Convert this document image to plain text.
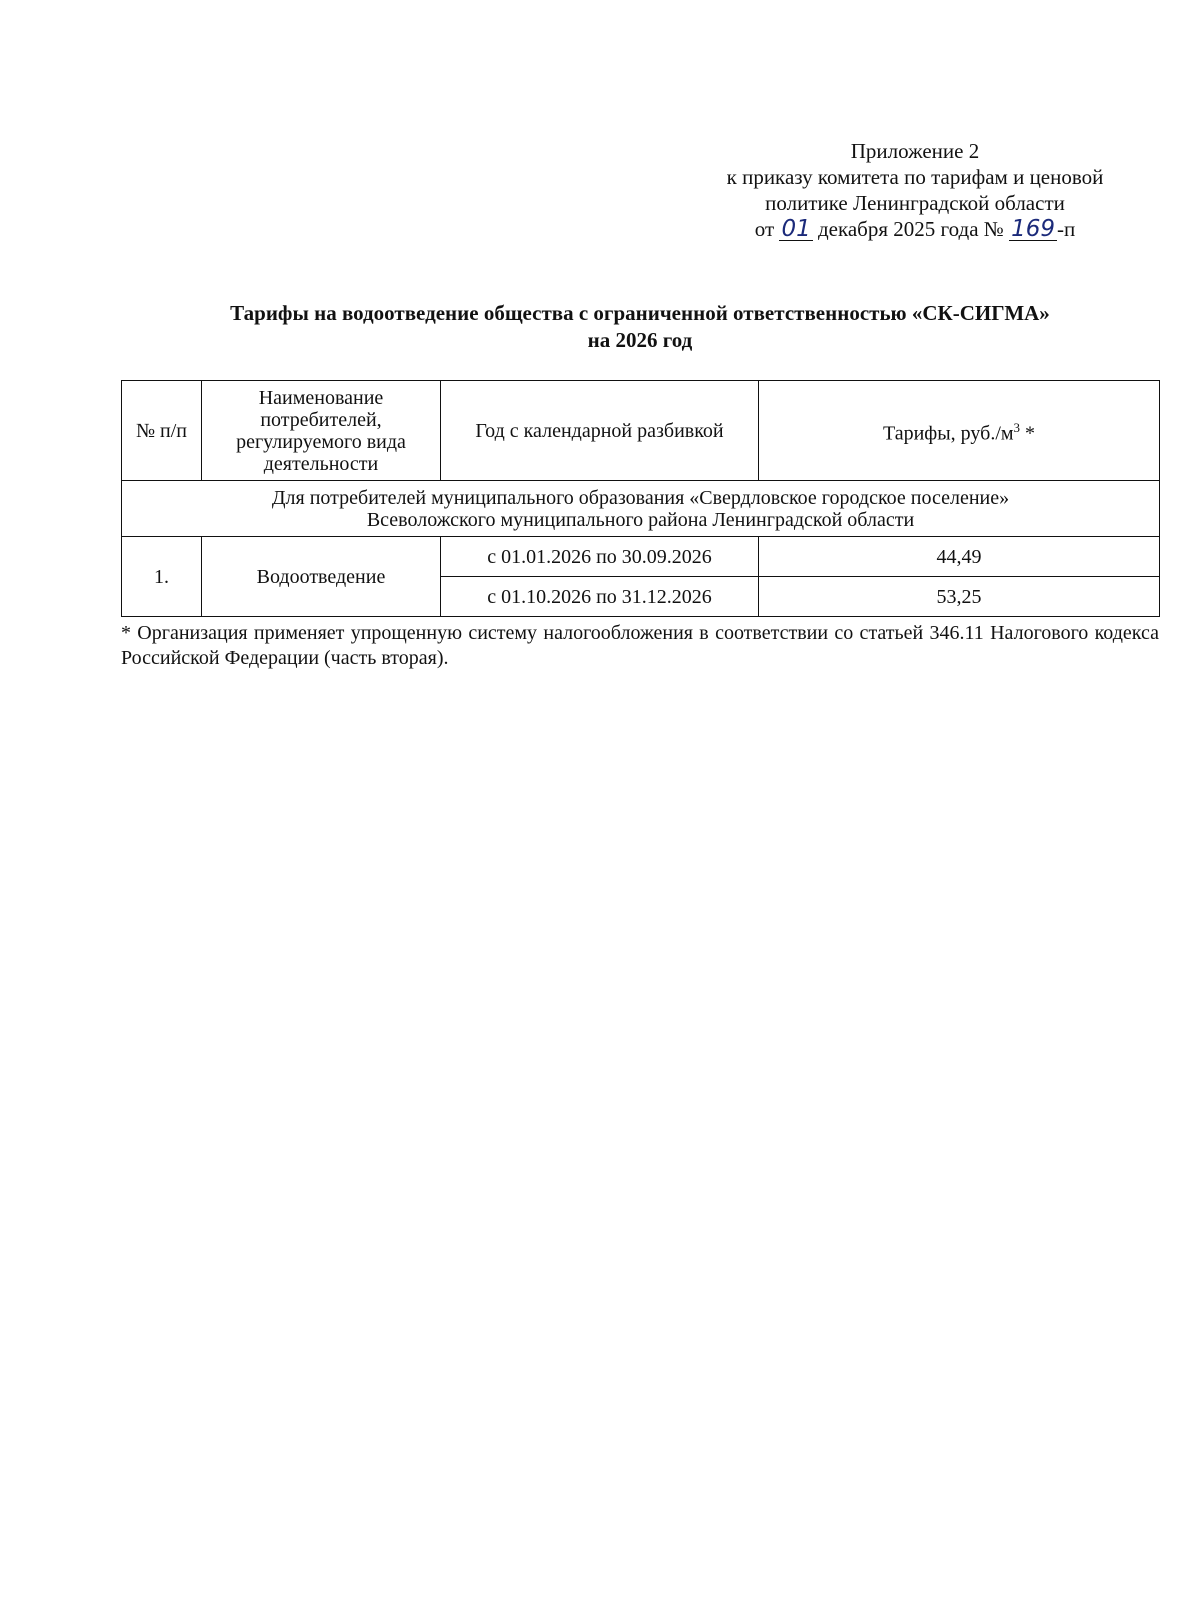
Приложение 2
к приказу комитета по тарифам и ценовой
политике Ленинградской области
от 01 декабря 2025 года № 169-п
Тарифы на водоотведение общества с ограниченной ответственностью «СК-СИГМА»
на 2026 год
№ п/п	Наименование потребителей, регулируемого вида деятельности	Год с календарной разбивкой	Тарифы, $руб./м^3$ *

Для потребителей муниципального образования «Свердловское городское поселение»
Всеволожского муниципального района Ленинградской области			

1.	Водоотведение	с 01.01.2026 по 30.09.2026	44,49
		с 01.10.2026 по 31.12.2026	53,25
* Организация применяет упрощенную систему налогообложения в соответствии со статьей 346.11 Налогового кодекса Российской Федерации (часть вторая).
